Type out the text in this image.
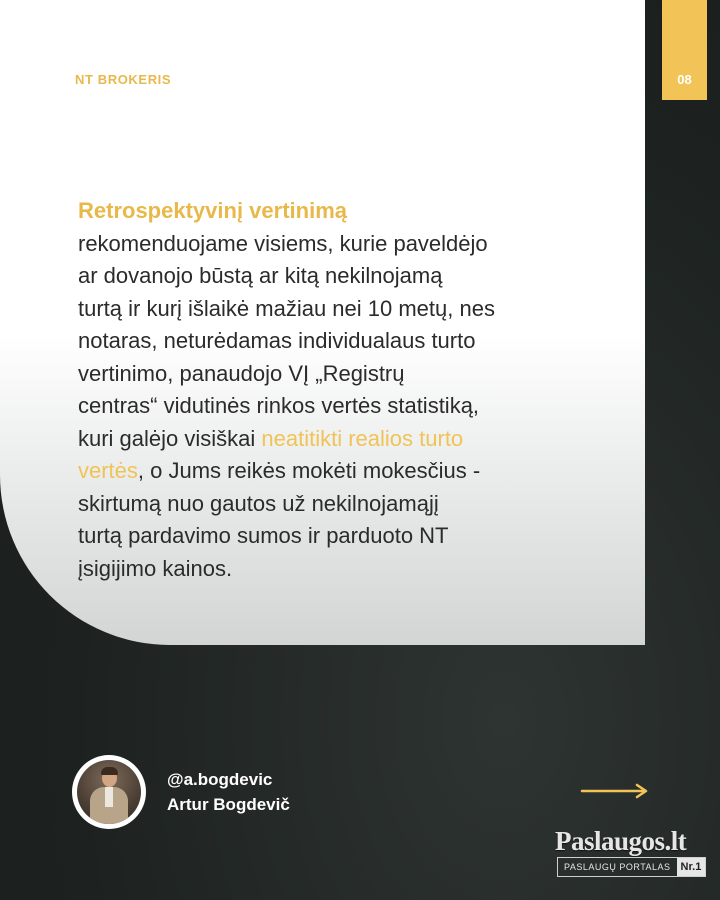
NT BROKERIS

Retrospektyvinį vertinimą
rekomenduojame visiems, kurie paveldėjo
ar dovanojo būstą ar kitą nekilnojamą
turtą ir kurį išlaikė mažiau nei 10 metų, nes
notaras, neturėdamas individualaus turto
vertinimo, panaudojo VĮ „Registrų
centras“ vidutinės rinkos vertės statistiką,
kuri galėjo visiškai neatitikti realios turto
vertės, o Jums reikės mokėti mokesčius -
skirtumą nuo gautos už nekilnojamąjį
turtą pardavimo sumos ir parduoto NT
įsigijimo kainos.

08
@a.bogdevic
Artur Bogdevič
Paslaugos.lt
PASLAUGŲ PORTALAS Nr.1
